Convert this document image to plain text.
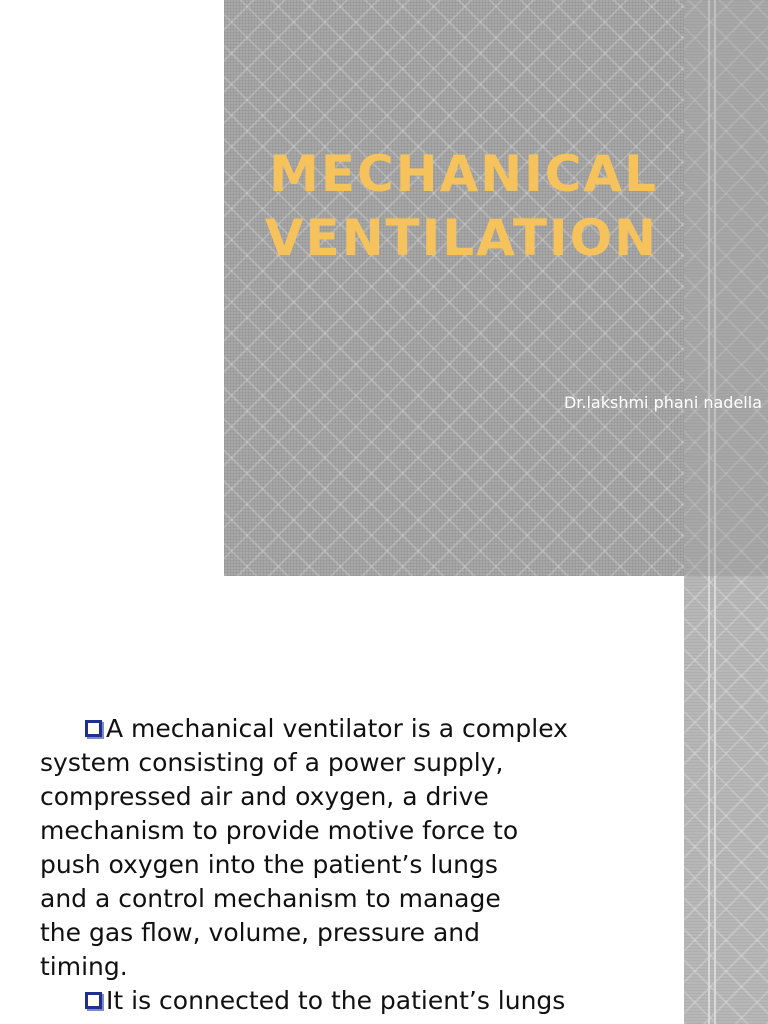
MECHANICAL
VENTILATION
Dr.lakshmi phani nadella
A mechanical ventilator is a complex
system consisting of a power supply,
compressed air and oxygen, a drive
mechanism to provide motive force to
push oxygen into the patient’s lungs
and a control mechanism to manage
the gas flow, volume, pressure and
timing.
It is connected to the patient’s lungs
